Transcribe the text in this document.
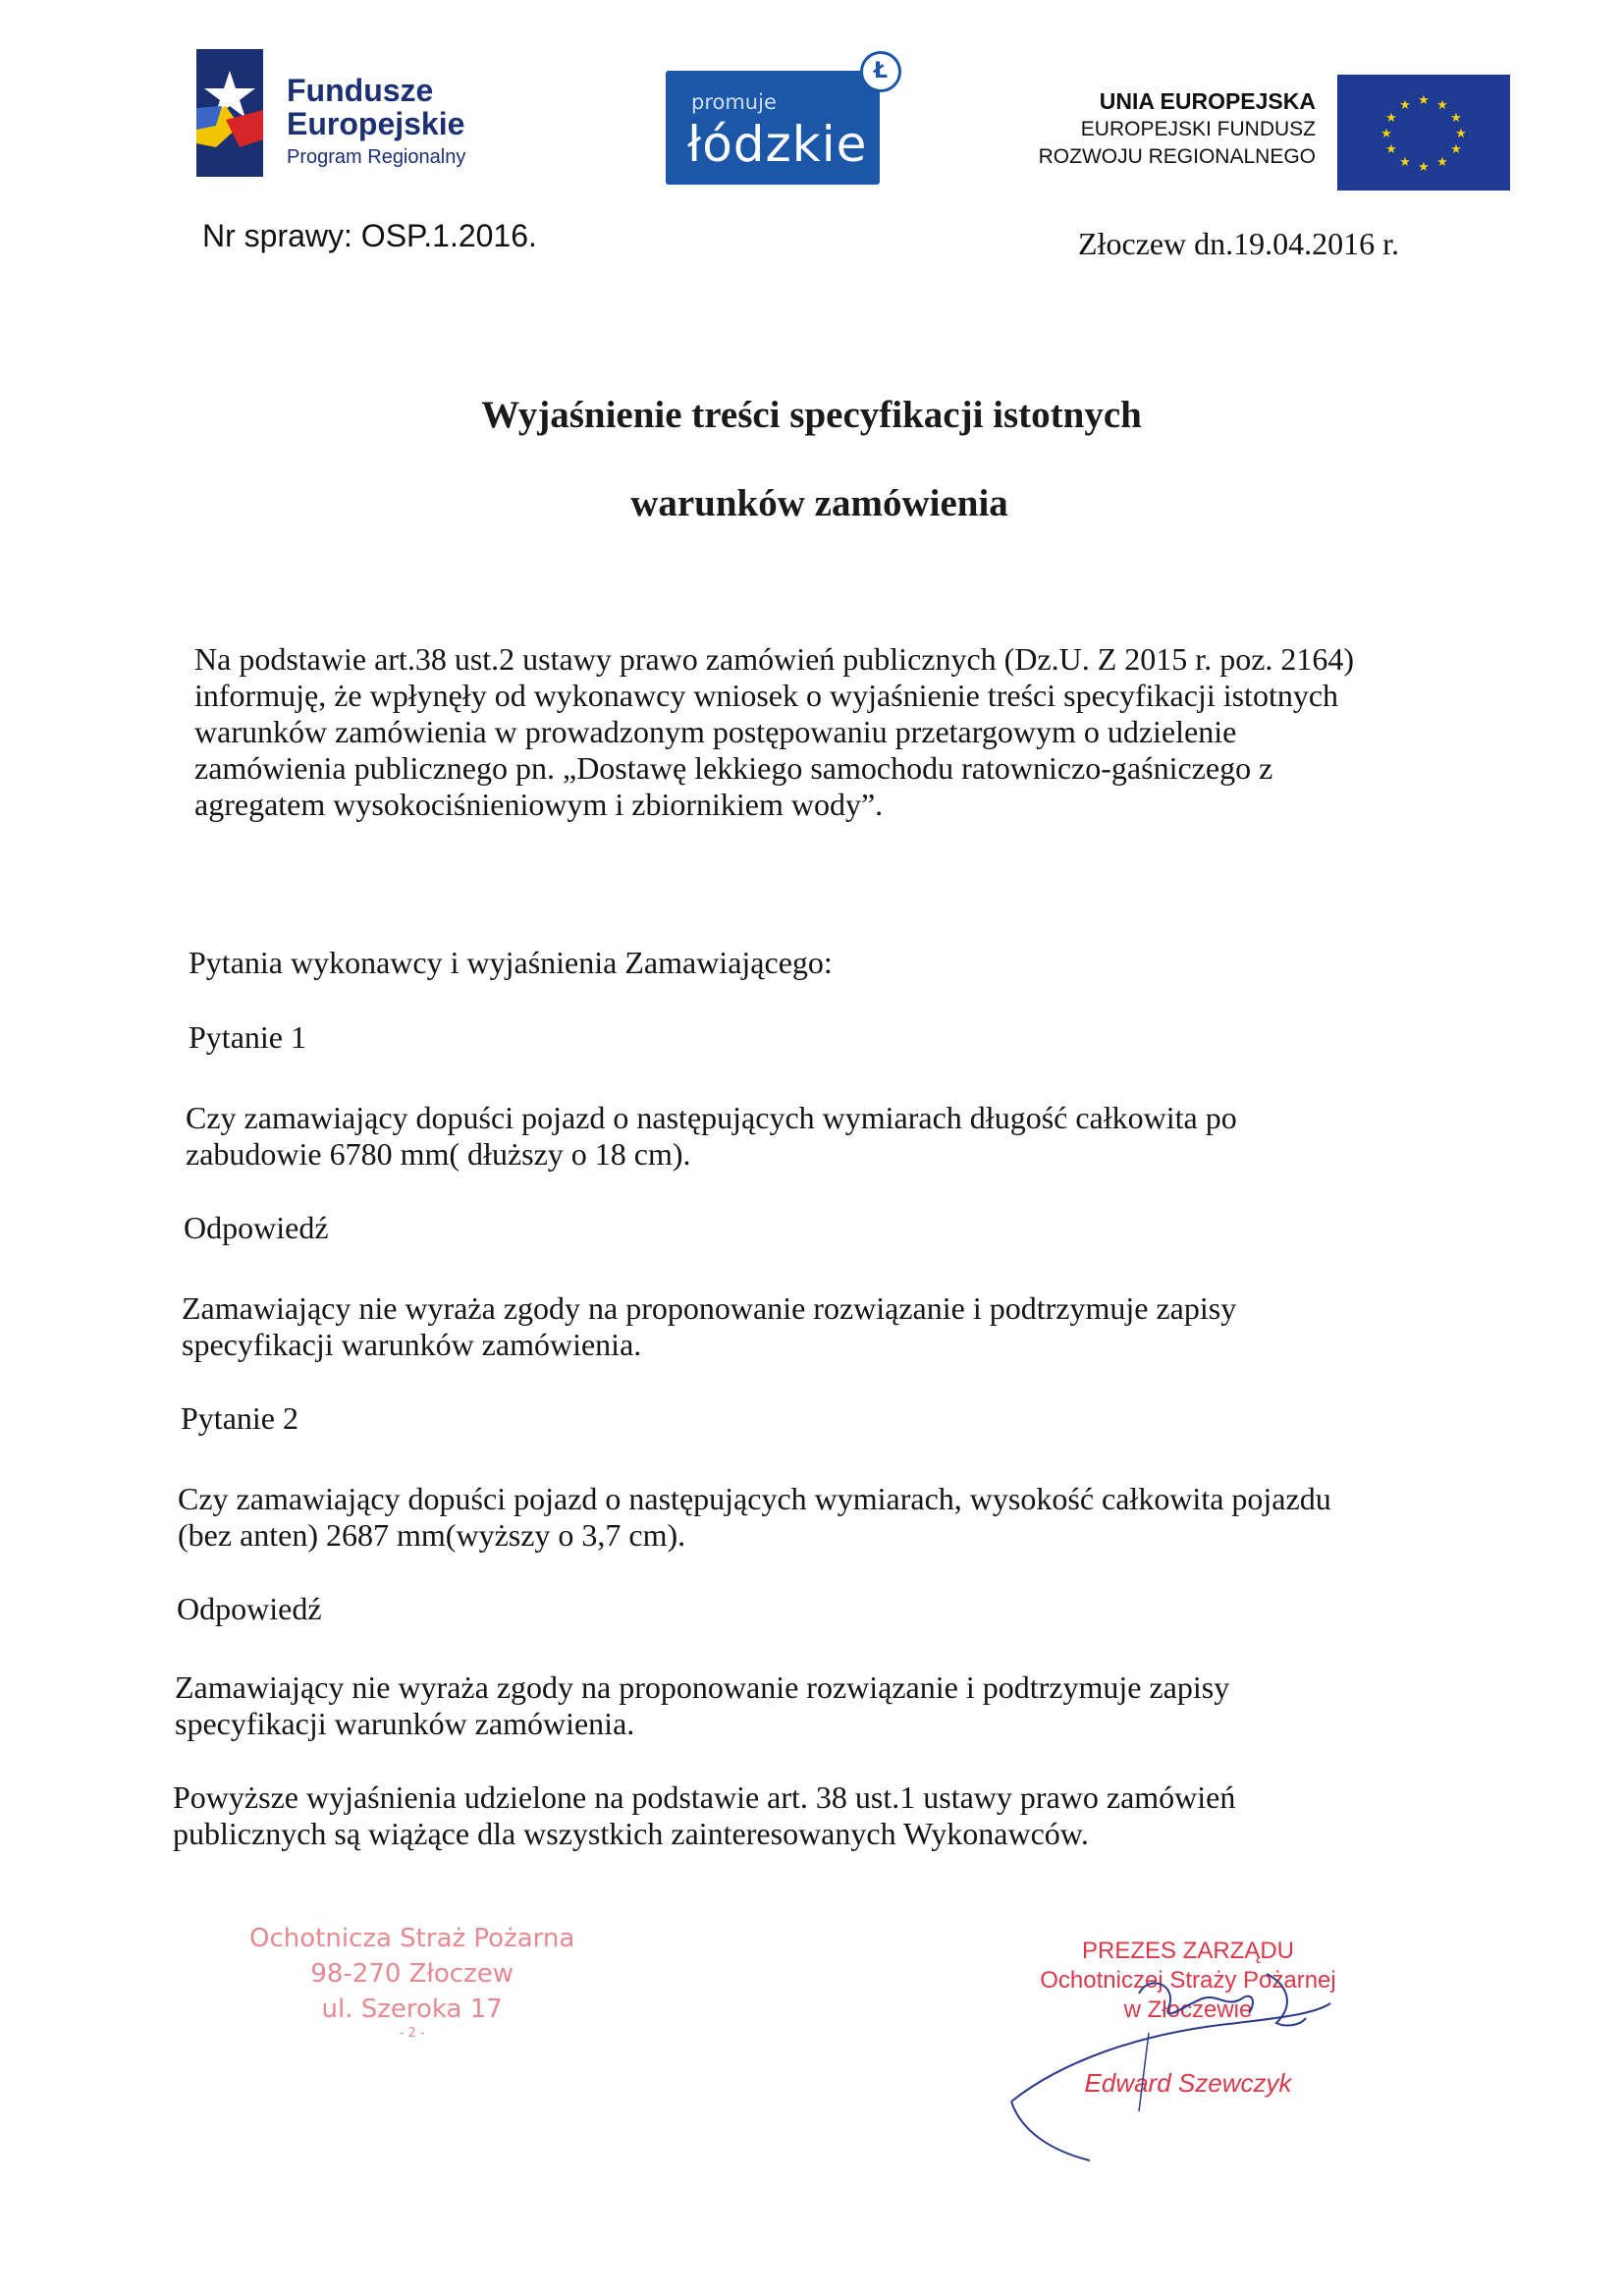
Fundusze
Europejskie
Program Regionalny
promuje
łódzkie
Ł
UNIA EUROPEJSKA
EUROPEJSKI FUNDUSZ
ROZWOJU REGIONALNEGO
★ ★
★
★
★
★
★
★
★
★
★
★
Nr sprawy: OSP.1.2016.	Złoczew dn.19.04.2016 r.
Wyjaśnienie treści specyfikacji istotnych
warunków zamówienia
Na podstawie art.38 ust.2 ustawy prawo zamówień publicznych (Dz.U. Z 2015 r. poz. 2164)
informuję, że wpłynęły od wykonawcy wniosek o wyjaśnienie treści specyfikacji istotnych
warunków zamówienia w prowadzonym postępowaniu przetargowym o udzielenie
zamówienia publicznego pn. „Dostawę lekkiego samochodu ratowniczo-gaśniczego z
agregatem wysokociśnieniowym i zbiornikiem wody”.
Pytania wykonawcy i wyjaśnienia Zamawiającego:
Pytanie 1
Czy zamawiający dopuści pojazd o następujących wymiarach długość całkowita po
zabudowie 6780 mm( dłuższy o 18 cm).
Odpowiedź
Zamawiający nie wyraża zgody na proponowanie rozwiązanie i podtrzymuje zapisy
specyfikacji warunków zamówienia.
Pytanie 2
Czy zamawiający dopuści pojazd o następujących wymiarach, wysokość całkowita pojazdu
(bez anten) 2687 mm(wyższy o 3,7 cm).
Odpowiedź
Zamawiający nie wyraża zgody na proponowanie rozwiązanie i podtrzymuje zapisy
specyfikacji warunków zamówienia.
Powyższe wyjaśnienia udzielone na podstawie art. 38 ust.1 ustawy prawo zamówień
publicznych są wiążące dla wszystkich zainteresowanych Wykonawców.
Ochotnicza Straż Pożarna
98-270 Złoczew
ul. Szeroka 17
- 2 -
PREZES ZARZĄDU
Ochotniczej Straży Pożarnej
w Złoczewie
Edward Szewczyk
